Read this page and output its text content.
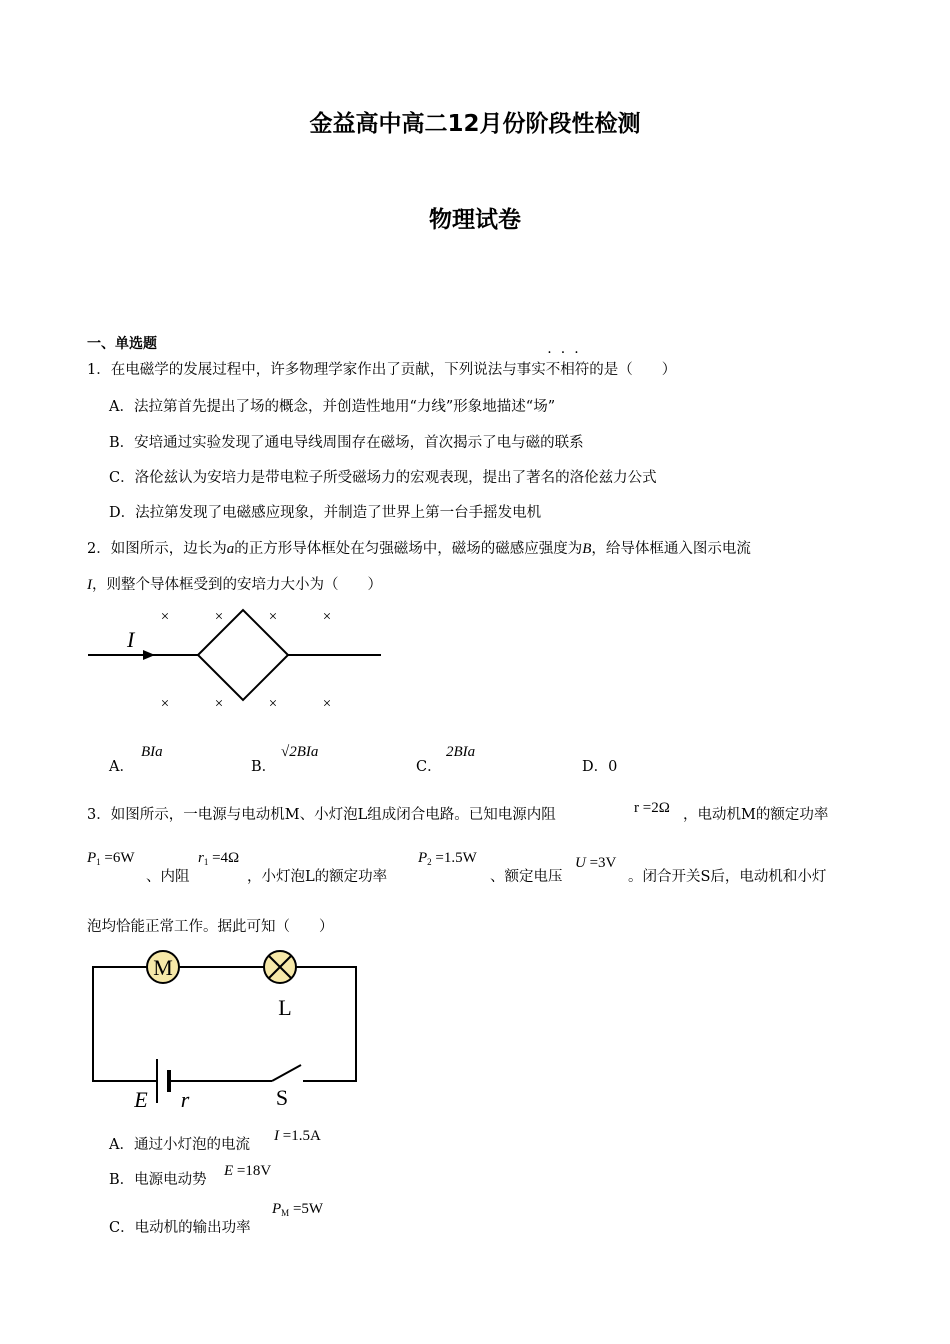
金益高中高二12月份阶段性检测
物理试卷
一、单选题
1．在电磁学的发展过程中，许多物理学家作出了贡献，下列说法与事实
···
不相符的是（　　）
A．法拉第首先提出了场的概念，并创造性地用“力线”形象地描述“场”
B．安培通过实验发现了通电导线周围存在磁场，首次揭示了电与磁的联系
C．洛伦兹认为安培力是带电粒子所受磁场力的宏观表现，提出了著名的洛伦兹力公式
D．法拉第发现了电磁感应现象，并制造了世界上第一台手摇发电机
2．如图所示，边长为a的正方形导体框处在匀强磁场中，磁场的磁感应强度为B，给导体框通入图示电流
I，则整个导体框受到的安培力大小为（　　）
I
×	×	×	×
×	×	×	×
A．
BIa
B．
√2BIa
C．
2BIa
D．0
3．如图所示，一电源与电动机M、小灯泡L组成闭合电路。已知电源内阻	r =2Ω ，电动机M的额定功率
$P_1 =6W$
、内阻
$r_1 =4\Omega$
，小灯泡L的额定功率
$P_2 =1.5W$
、额定电压
U =3V
。闭合开关S后，电动机和小灯
泡均恰能正常工作。据此可知（　　）
M
L
E r	S
A．通过小灯泡的电流
I =1.5A
B．电源电动势
E =18V
C．电动机的输出功率
$P_M =5W$
